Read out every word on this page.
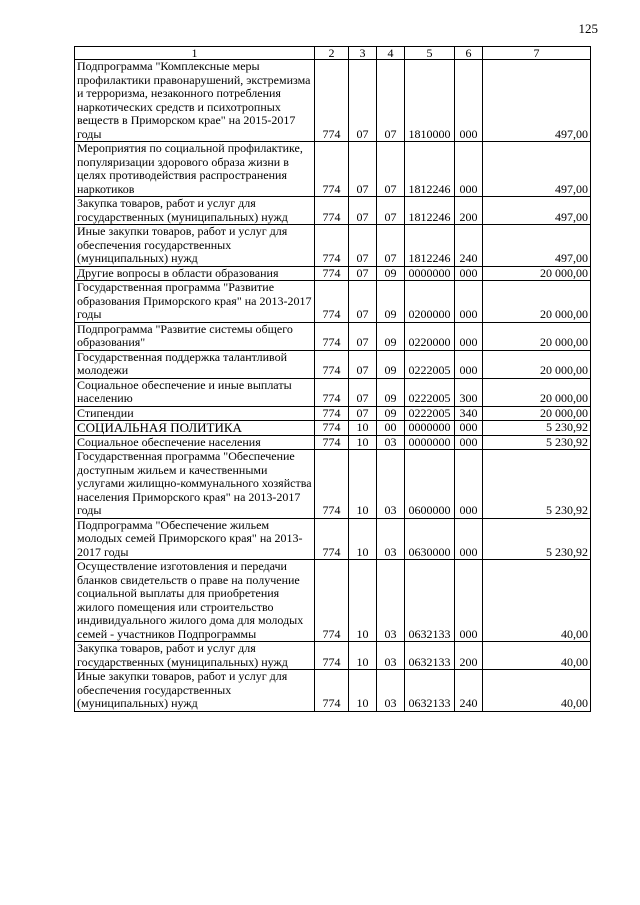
125
1	2	3	4	5	6	7
Подпрограмма "Комплексные меры профилактики правонарушений, экстремизма и терроризма, незаконного потребления наркотических средств и психотропных веществ в Приморском крае" на 2015-2017 годы	774	07	07	1810000	000	497,00
Мероприятия по социальной профилактике, популяризации здорового образа жизни в целях противодействия распространения наркотиков	774	07	07	1812246	000	497,00
Закупка товаров, работ и услуг для государственных (муниципальных) нужд	774	07	07	1812246	200	497,00
Иные закупки товаров, работ и услуг для обеспечения государственных (муниципальных) нужд	774	07	07	1812246	240	497,00
Другие вопросы в области образования	774	07	09	0000000	000	20 000,00
Государственная программа "Развитие образования Приморского края" на 2013-2017 годы	774	07	09	0200000	000	20 000,00
Подпрограмма "Развитие системы общего образования"	774	07	09	0220000	000	20 000,00
Государственная поддержка талантливой молодежи	774	07	09	0222005	000	20 000,00
Социальное обеспечение и иные выплаты населению	774	07	09	0222005	300	20 000,00
Стипендии	774	07	09	0222005	340	20 000,00
СОЦИАЛЬНАЯ ПОЛИТИКА	774	10	00	0000000	000	5 230,92
Социальное обеспечение населения	774	10	03	0000000	000	5 230,92
Государственная программа "Обеспечение доступным жильем и качественными услугами жилищно-коммунального хозяйства населения Приморского края" на 2013-2017 годы	774	10	03	0600000	000	5 230,92
Подпрограмма "Обеспечение жильем молодых семей Приморского края" на 2013-2017 годы	774	10	03	0630000	000	5 230,92
Осуществление изготовления и передачи бланков свидетельств о праве на получение социальной выплаты для приобретения жилого помещения или строительство индивидуального жилого дома для молодых семей - участников Подпрограммы	774	10	03	0632133	000	40,00
Закупка товаров, работ и услуг для государственных (муниципальных) нужд	774	10	03	0632133	200	40,00
Иные закупки товаров, работ и услуг для обеспечения государственных (муниципальных) нужд	774	10	03	0632133	240	40,00
